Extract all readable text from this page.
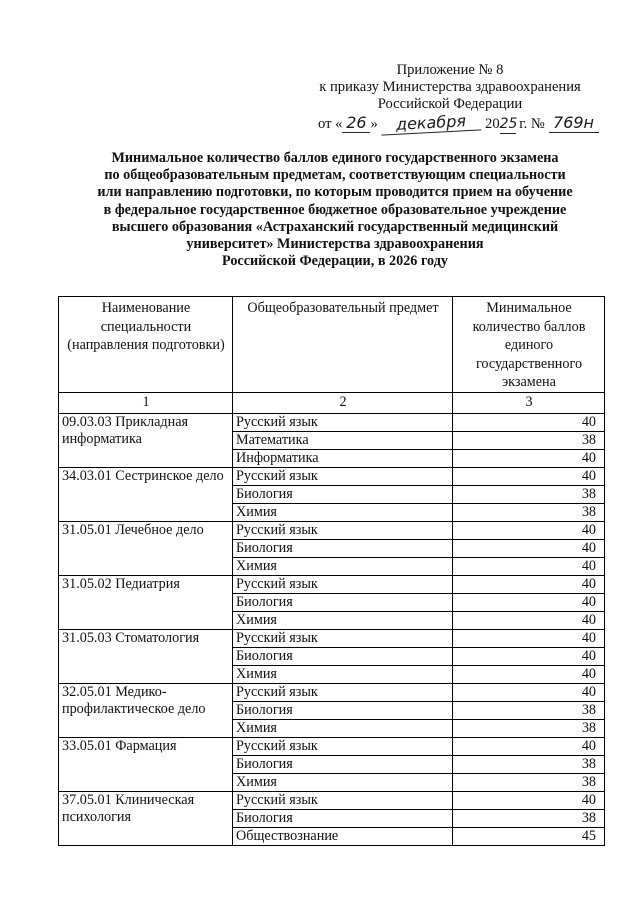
Приложение № 8
к приказу Министерства здравоохранения
Российской Федерации
от « 26 » декабря 2025 г. № 769н
Минимальное количество баллов единого государственного экзамена
по общеобразовательным предметам, соответствующим специальности
или направлению подготовки, по которым проводится прием на обучение
в федеральное государственное бюджетное образовательное учреждение
высшего образования «Астраханский государственный медицинский
университет» Министерства здравоохранения
Российской Федерации, в 2026 году
Наименование специальности (направления подготовки)	Общеобразовательный предмет	Минимальное количество баллов единого государственного экзамена
1	2	3
09.03.03 Прикладная информатика	Русский язык	40
	Математика	38
	Информатика	40
34.03.01 Сестринское дело	Русский язык	40
	Биология	38
	Химия	38
31.05.01 Лечебное дело	Русский язык	40
	Биология	40
	Химия	40
31.05.02 Педиатрия	Русский язык	40
	Биология	40
	Химия	40
31.05.03 Стоматология	Русский язык	40
	Биология	40
	Химия	40
32.05.01 Медико-профилактическое дело	Русский язык	40
	Биология	38
	Химия	38
33.05.01 Фармация	Русский язык	40
	Биология	38
	Химия	38
37.05.01 Клиническая психология	Русский язык	40
	Биология	38
	Обществознание	45
